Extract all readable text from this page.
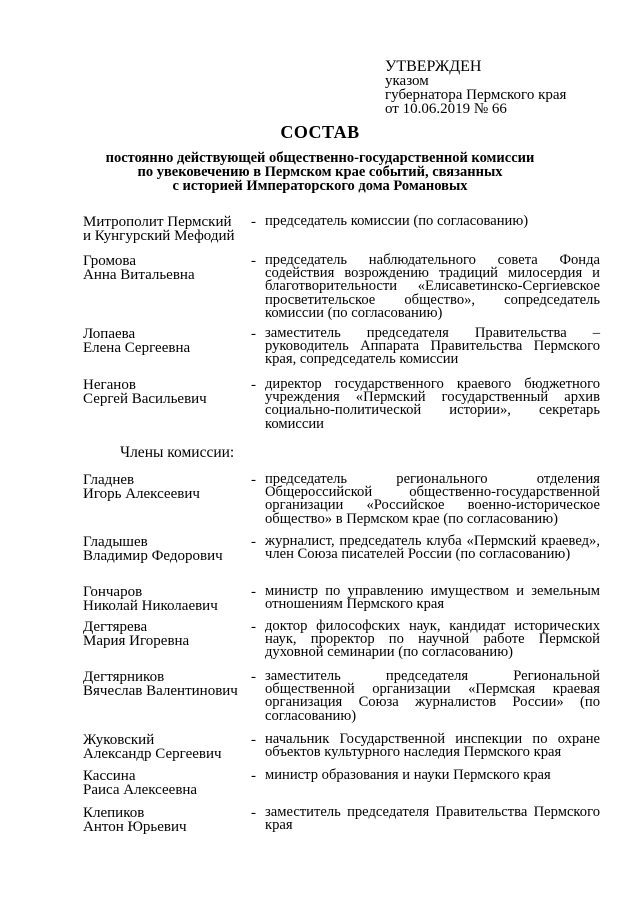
УТВЕРЖДЕН
указом
губернатора Пермского края
от 10.06.2019 № 66
СОСТАВ
постоянно действующей общественно-государственной комиссии
по увековечению в Пермском крае событий, связанных
с историей Императорского дома Романовых
Митрополит Пермский
и Кунгурский Мефодий
- председатель комиссии (по согласованию)
Громова
Анна Витальевна
- председатель наблюдательного совета Фонда содействия возрождению традиций милосердия и благотворительности «Елисаветинско-Сергиевское просветительское общество», сопредседатель комиссии (по согласованию)
Лопаева
Елена Сергеевна
- заместитель председателя Правительства – руководитель Аппарата Правительства Пермского края, сопредседатель комиссии
Неганов
Сергей Васильевич
- директор государственного краевого бюджетного учреждения «Пермский государственный архив социально-политической истории», секретарь комиссии
Члены комиссии:
Гладнев
Игорь Алексеевич
- председатель регионального отделения Общероссийской общественно-государственной организации «Российское военно-историческое общество» в Пермском крае (по согласованию)
Гладышев
Владимир Федорович
- журналист, председатель клуба «Пермский краевед», член Союза писателей России (по согласованию)
Гончаров
Николай Николаевич
- министр по управлению имуществом и земельным отношениям Пермского края
Дегтярева
Мария Игоревна
- доктор философских наук, кандидат исторических наук, проректор по научной работе Пермской духовной семинарии (по согласованию)
Дегтярников
Вячеслав Валентинович
- заместитель председателя Региональной общественной организации «Пермская краевая организация Союза журналистов России» (по согласованию)
Жуковский
Александр Сергеевич
- начальник Государственной инспекции по охране объектов культурного наследия Пермского края
Кассина
Раиса Алексеевна
- министр образования и науки Пермского края
Клепиков
Антон Юрьевич
- заместитель председателя Правительства Пермского края
